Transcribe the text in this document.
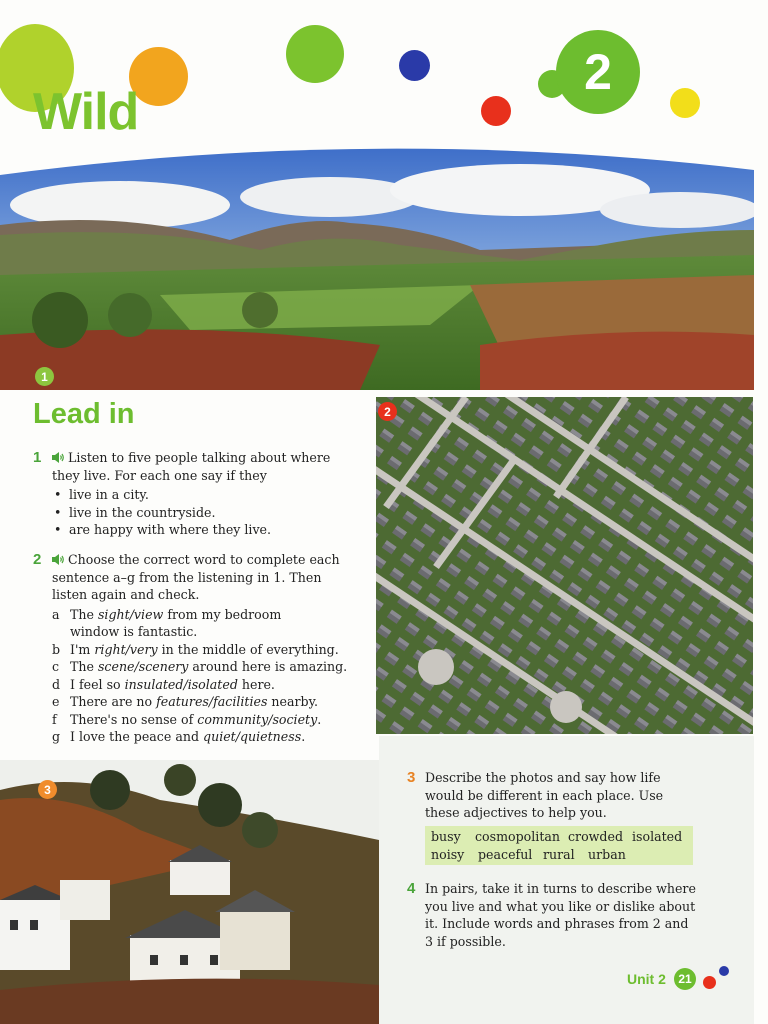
Wild
2
1
Lead in
1	Listen to five people talking about where they live. For each one say if they
• live in a city.
• live in the countryside.
• are happy with where they live.
2	Choose the correct word to complete each sentence a–g from the listening in 1. Then listen again and check.
a The sight/view from my bedroom window is fantastic.
b I'm right/very in the middle of everything.
c The scene/scenery around here is amazing.
d I feel so insulated/isolated here.
e There are no features/facilities nearby.
f	There's no sense of community/society.
g I love the peace and quiet/quietness.
2
3
3 Describe the photos and say how life would be different in each place. Use these adjectives to help you.
busy cosmopolitan crowded isolated
noisy peaceful rural urban
4 In pairs, take it in turns to describe where you live and what you like or dislike about it. Include words and phrases from 2 and 3 if possible.
Unit 2	21
